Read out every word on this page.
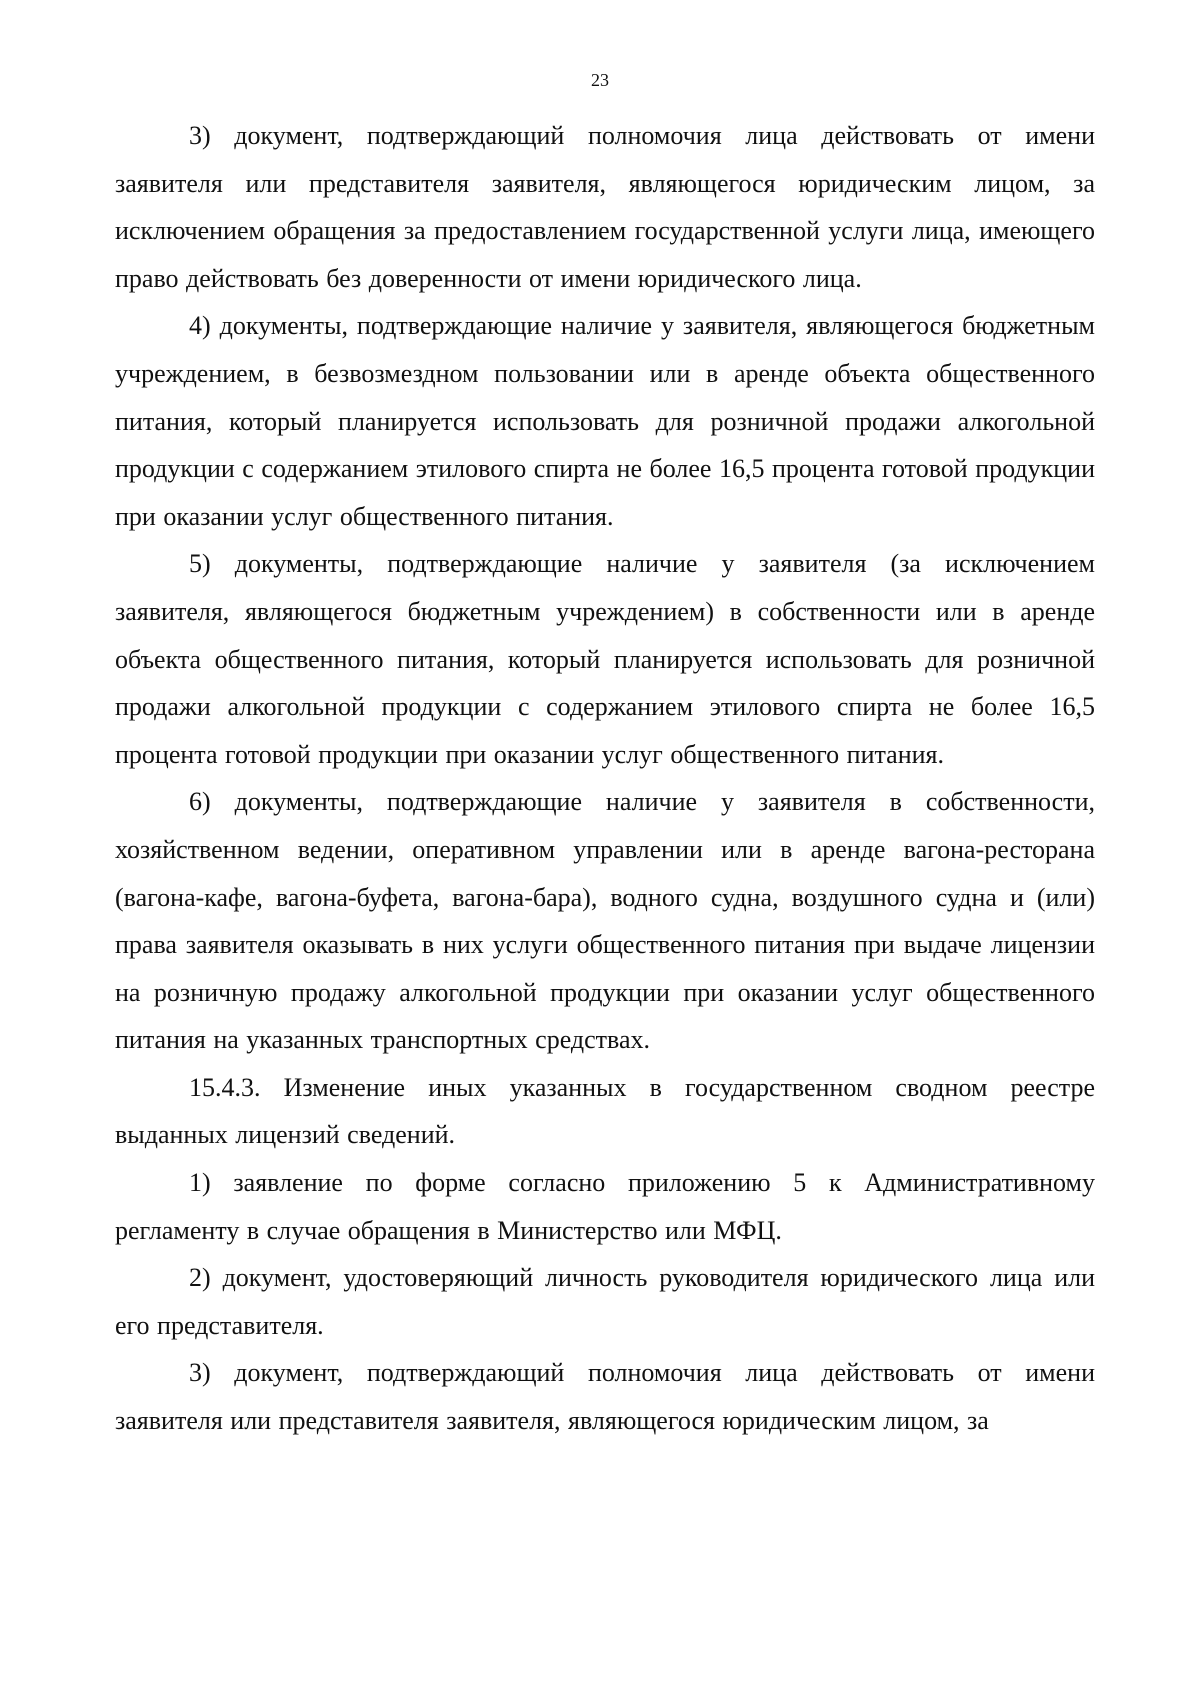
23

3) документ, подтверждающий полномочия лица действовать от имени заявителя или представителя заявителя, являющегося юридическим лицом, за исключением обращения за предоставлением государственной услуги лица, имеющего право действовать без доверенности от имени юридического лица.

4) документы, подтверждающие наличие у заявителя, являющегося бюджетным учреждением, в безвозмездном пользовании или в аренде объекта общественного питания, который планируется использовать для розничной продажи алкогольной продукции с содержанием этилового спирта не более 16,5 процента готовой продукции при оказании услуг общественного питания.

5) документы, подтверждающие наличие у заявителя (за исключением заявителя, являющегося бюджетным учреждением) в собственности или в аренде объекта общественного питания, который планируется использовать для розничной продажи алкогольной продукции с содержанием этилового спирта не более 16,5 процента готовой продукции при оказании услуг общественного питания.

6) документы, подтверждающие наличие у заявителя в собственности, хозяйственном ведении, оперативном управлении или в аренде вагона-ресторана (вагона-кафе, вагона-буфета, вагона-бара), водного судна, воздушного судна и (или) права заявителя оказывать в них услуги общественного питания при выдаче лицензии на розничную продажу алкогольной продукции при оказании услуг общественного питания на указанных транспортных средствах.

15.4.3. Изменение иных указанных в государственном сводном реестре выданных лицензий сведений.

1) заявление по форме согласно приложению 5 к Административному регламенту в случае обращения в Министерство или МФЦ.

2) документ, удостоверяющий личность руководителя юридического лица или его представителя.

3) документ, подтверждающий полномочия лица действовать от имени заявителя или представителя заявителя, являющегося юридическим лицом, за
